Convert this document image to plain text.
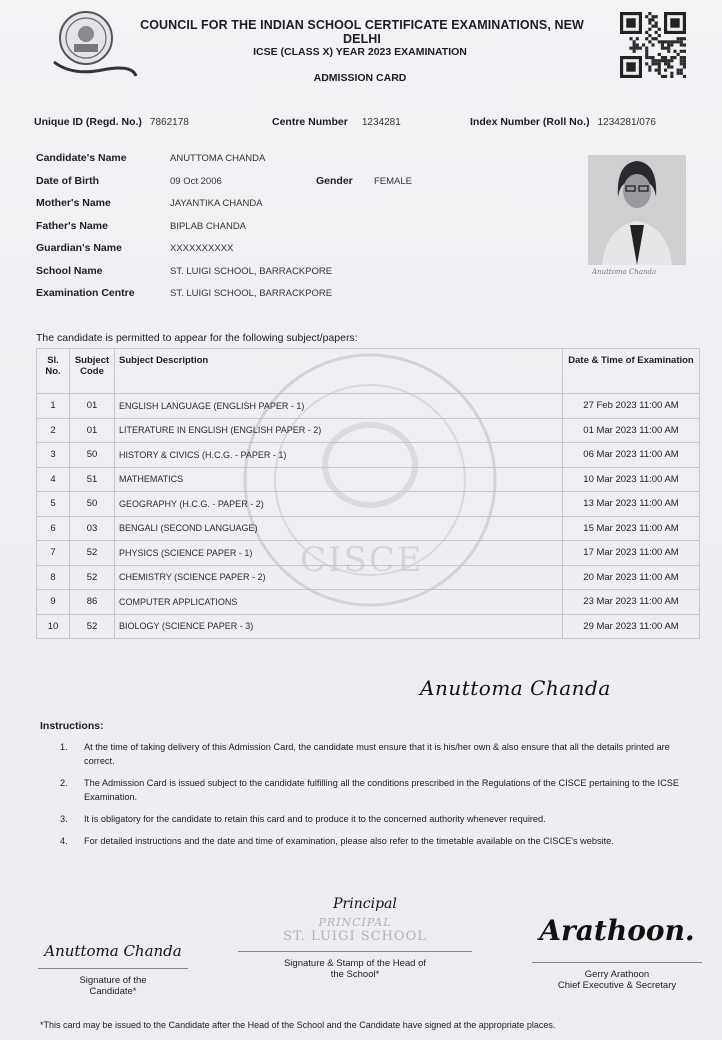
COUNCIL FOR THE INDIAN SCHOOL CERTIFICATE EXAMINATIONS, NEW DELHI
ICSE (CLASS X) YEAR 2023 EXAMINATION
ADMISSION CARD
Unique ID (Regd. No.) 7862178	Centre Number 1234281	Index Number (Roll No.) 1234281/076
Candidate's Name	ANUTTOMA CHANDA
Date of Birth	09 Oct 2006	Gender FEMALE
Mother's Name	JAYANTIKA CHANDA
Father's Name	BIPLAB CHANDA
Guardian's Name	XXXXXXXXXX
School Name	ST. LUIGI SCHOOL, BARRACKPORE
Examination Centre	ST. LUIGI SCHOOL, BARRACKPORE
Anuttoma Chanda
The candidate is permitted to appear for the following subject/papers:
CISCE
Sl. No.	Subject Code	Subject Description	Date & Time of Examination
1	01	ENGLISH LANGUAGE (ENGLISH PAPER - 1)	27 Feb 2023 11:00 AM
2	01	LITERATURE IN ENGLISH (ENGLISH PAPER - 2)	01 Mar 2023 11:00 AM
3	50	HISTORY & CIVICS (H.C.G. - PAPER - 1)	06 Mar 2023 11:00 AM
4	51	MATHEMATICS	10 Mar 2023 11:00 AM
5	50	GEOGRAPHY (H.C.G. - PAPER - 2)	13 Mar 2023 11:00 AM
6	03	BENGALI (SECOND LANGUAGE)	15 Mar 2023 11:00 AM
7	52	PHYSICS (SCIENCE PAPER - 1)	17 Mar 2023 11:00 AM
8	52	CHEMISTRY (SCIENCE PAPER - 2)	20 Mar 2023 11:00 AM
9	86	COMPUTER APPLICATIONS	23 Mar 2023 11:00 AM
10	52	BIOLOGY (SCIENCE PAPER - 3)	29 Mar 2023 11:00 AM
Anuttoma Chanda
Instructions:
1. At the time of taking delivery of this Admission Card, the candidate must ensure that it is his/her own & also ensure that all the details printed are correct.
2. The Admission Card is issued subject to the candidate fulfilling all the conditions prescribed in the Regulations of the CISCE pertaining to the ICSE Examination.
3. It is obligatory for the candidate to retain this card and to produce it to the concerned authority whenever required.
4. For detailed instructions and the date and time of examination, please also refer to the timetable available on the CISCE's website.
Anuttoma Chanda
Signature of the
Candidate*
Principal
PRINCIPAL
ST. LUIGI SCHOOL
Signature & Stamp of the Head of
the School*
Arathoon.
Gerry Arathoon
Chief Executive & Secretary
*This card may be issued to the Candidate after the Head of the School and the Candidate have signed at the appropriate places.
